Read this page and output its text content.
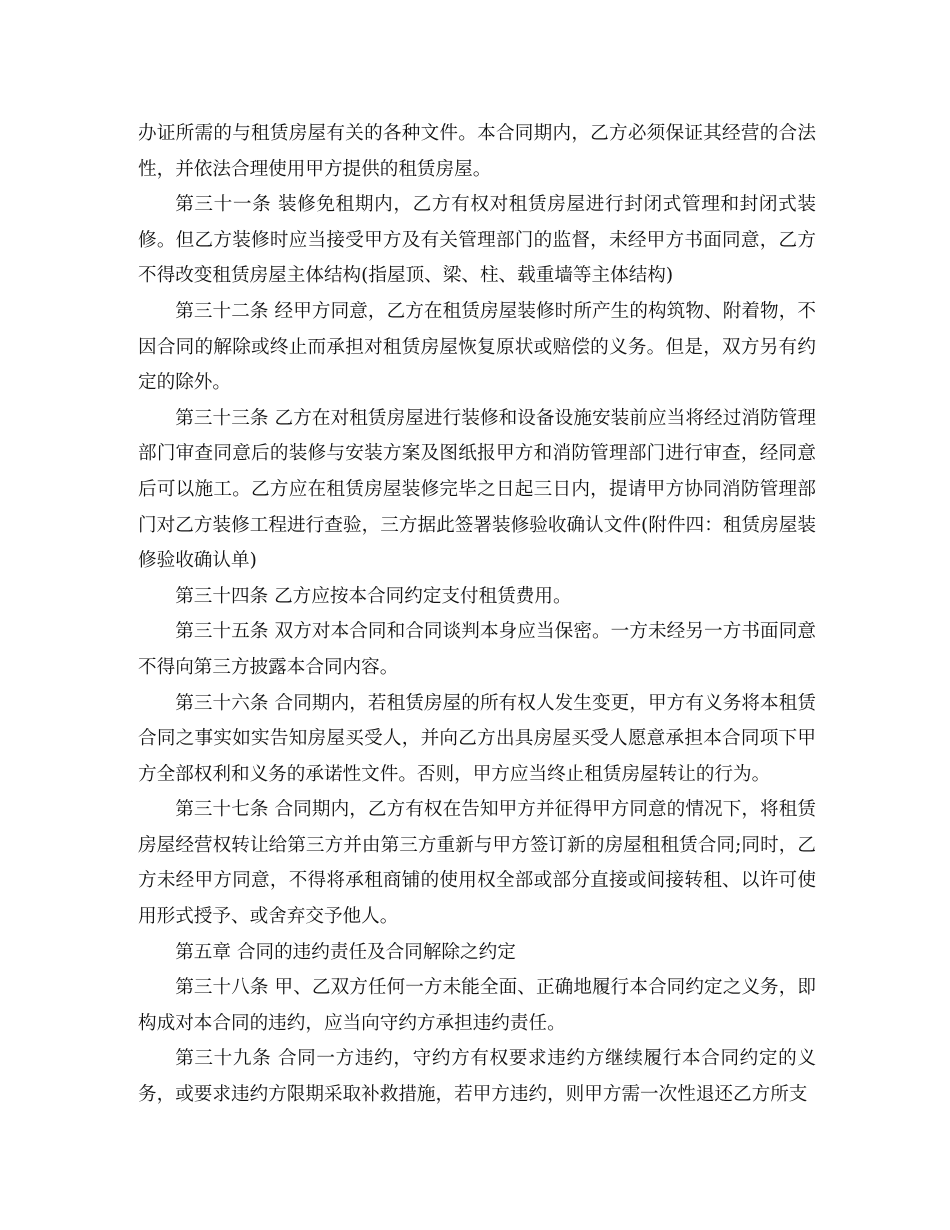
办证所需的与租赁房屋有关的各种文件。本合同期内，乙方必须保证其经营的合法性，并依法合理使用甲方提供的租赁房屋。

第三十一条 装修免租期内，乙方有权对租赁房屋进行封闭式管理和封闭式装修。但乙方装修时应当接受甲方及有关管理部门的监督，未经甲方书面同意，乙方不得改变租赁房屋主体结构(指屋顶、梁、柱、载重墙等主体结构)

第三十二条 经甲方同意，乙方在租赁房屋装修时所产生的构筑物、附着物，不因合同的解除或终止而承担对租赁房屋恢复原状或赔偿的义务。但是，双方另有约定的除外。

第三十三条 乙方在对租赁房屋进行装修和设备设施安装前应当将经过消防管理部门审查同意后的装修与安装方案及图纸报甲方和消防管理部门进行审查，经同意后可以施工。乙方应在租赁房屋装修完毕之日起三日内，提请甲方协同消防管理部门对乙方装修工程进行查验，三方据此签署装修验收确认文件(附件四：租赁房屋装修验收确认单)

第三十四条 乙方应按本合同约定支付租赁费用。

第三十五条 双方对本合同和合同谈判本身应当保密。一方未经另一方书面同意不得向第三方披露本合同内容。

第三十六条 合同期内，若租赁房屋的所有权人发生变更，甲方有义务将本租赁合同之事实如实告知房屋买受人，并向乙方出具房屋买受人愿意承担本合同项下甲方全部权利和义务的承诺性文件。否则，甲方应当终止租赁房屋转让的行为。

第三十七条 合同期内，乙方有权在告知甲方并征得甲方同意的情况下，将租赁房屋经营权转让给第三方并由第三方重新与甲方签订新的房屋租租赁合同;同时，乙方未经甲方同意，不得将承租商铺的使用权全部或部分直接或间接转租、以许可使用形式授予、或舍弃交予他人。

第五章 合同的违约责任及合同解除之约定

第三十八条 甲、乙双方任何一方未能全面、正确地履行本合同约定之义务，即构成对本合同的违约，应当向守约方承担违约责任。

第三十九条 合同一方违约，守约方有权要求违约方继续履行本合同约定的义务，或要求违约方限期采取补救措施，若甲方违约，则甲方需一次性退还乙方所支
